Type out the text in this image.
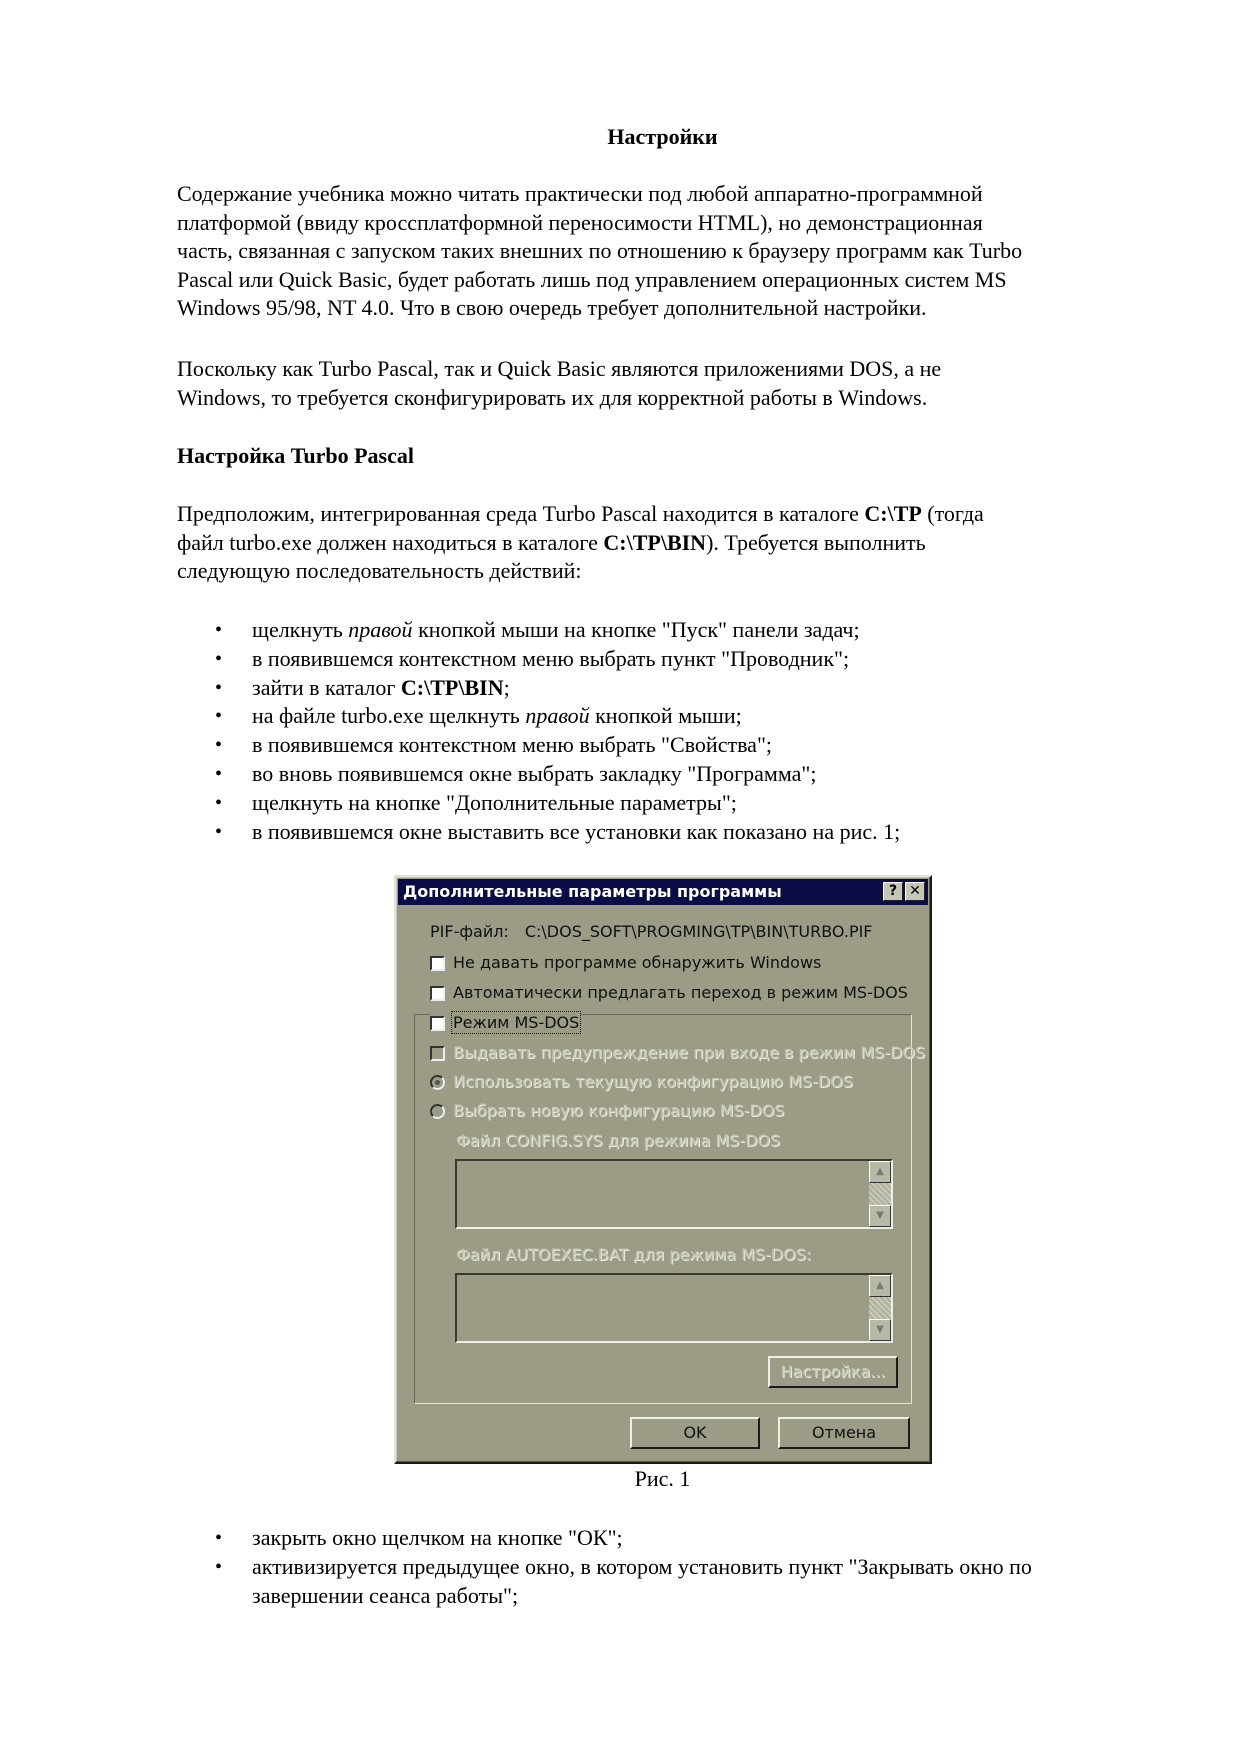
Настройки

Содержание учебника можно читать практически под любой аппаратно-программной
платформой (ввиду кроссплатформной переносимости HTML), но демонстрационная
часть, связанная с запуском таких внешних по отношению к браузеру программ как Turbo
Pascal или Quick Basic, будет работать лишь под управлением операционных систем MS
Windows 95/98, NT 4.0. Что в свою очередь требует дополнительной настройки.

Поскольку как Turbo Pascal, так и Quick Basic являются приложениями DOS, а не
Windows, то требуется сконфигурировать их для корректной работы в Windows.

Настройка Turbo Pascal

Предположим, интегрированная среда Turbo Pascal находится в каталоге C:\TP (тогда
файл turbo.exe должен находиться в каталоге C:\TP\BIN). Требуется выполнить
следующую последовательность действий:

• щелкнуть правой кнопкой мыши на кнопке "Пуск" панели задач;
• в появившемся контекстном меню выбрать пункт "Проводник";
• зайти в каталог C:\TP\BIN;
• на файле turbo.exe щелкнуть правой кнопкой мыши;
• в появившемся контекстном меню выбрать "Свойства";
• во вновь появившемся окне выбрать закладку "Программа";
• щелкнуть на кнопке "Дополнительные параметры";
• в появившемся окне выставить все установки как показано на рис. 1;
Дополнительные параметры программы	? ✕
PIF-файл: C:\DOS_SOFT\PROGMING\TP\BIN\TURBO.PIF
Не давать программе обнаружить Windows
Автоматически предлагать переход в режим MS-DOS
Режим MS-DOS
Выдавать предупреждение при входе в режим MS-DOS
Использовать текущую конфигурацию MS-DOS
Выбрать новую конфигурацию MS-DOS
Файл CONFIG.SYS для режима MS-DOS
▲
▼
Файл AUTOEXEC.BAT для режима MS-DOS:
▲
▼
Настройка...
OK	Отмена
Рис. 1
• закрыть окно щелчком на кнопке "ОК";
• активизируется предыдущее окно, в котором установить пункт "Закрывать окно по
завершении сеанса работы";
